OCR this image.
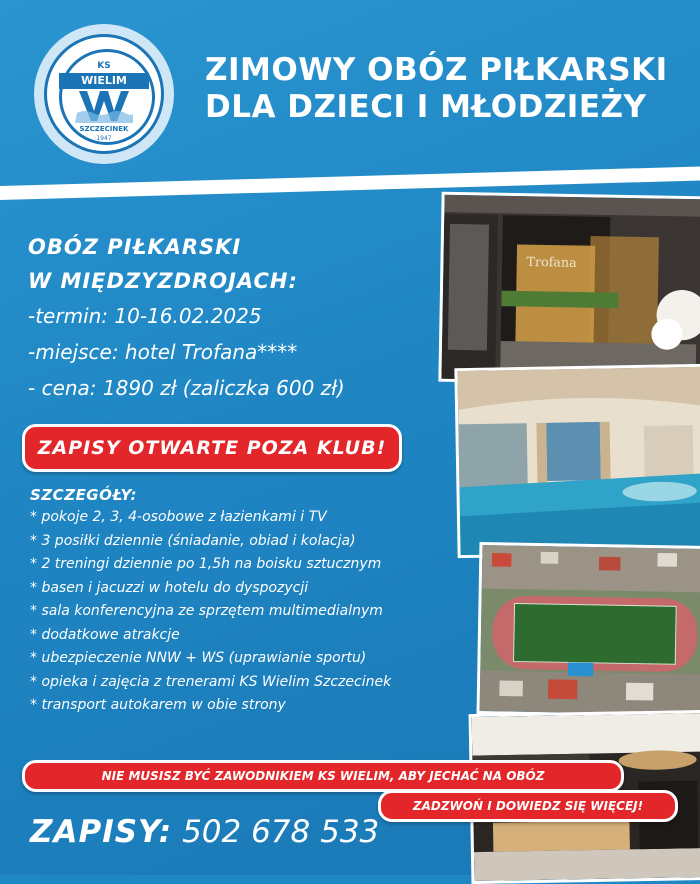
KS
WIELIM
SZCZECINEK
1947
ZIMOWY OBÓZ PIŁKARSKI
DLA DZIECI I MŁODZIEŻY
OBÓZ PIŁKARSKI
W MIĘDZYZDROJACH:
-termin: 10-16.02.2025
-miejsce: hotel Trofana****
- cena: 1890 zł (zaliczka 600 zł)
ZAPISY OTWARTE POZA KLUB!
SZCZEGÓŁY:
* pokoje 2, 3, 4-osobowe z łazienkami i TV
* 3 posiłki dziennie (śniadanie, obiad i kolacja)
* 2 treningi dziennie po 1,5h na boisku sztucznym
* basen i jacuzzi w hotelu do dyspozycji
* sala konferencyjna ze sprzętem multimedialnym
* dodatkowe atrakcje
* ubezpieczenie NNW + WS (uprawianie sportu)
* opieka i zajęcia z trenerami KS Wielim Szczecinek
* transport autokarem w obie strony
Trofana
NIE MUSISZ BYĆ ZAWODNIKIEM KS WIELIM, ABY JECHAĆ NA OBÓZ
ZADZWOŃ I DOWIEDZ SIĘ WIĘCEJ!
ZAPISY: 502 678 533
